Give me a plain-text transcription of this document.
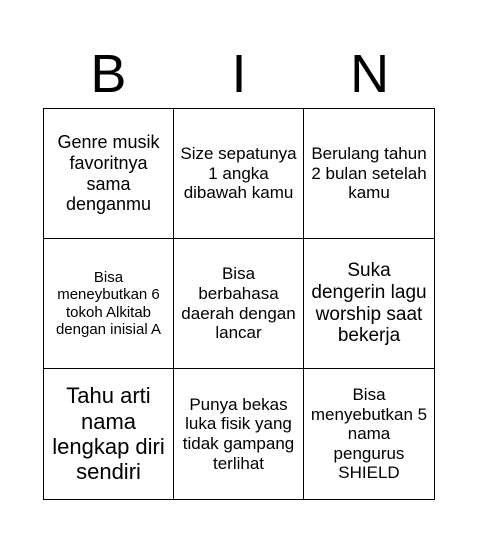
B	I	N
Genre musik favoritnya sama denganmu
Size sepatunya 1 angka dibawah kamu
Berulang tahun 2 bulan setelah kamu
Bisa meneybutkan 6 tokoh Alkitab dengan inisial A
Bisa berbahasa daerah dengan lancar
Suka dengerin lagu worship saat bekerja
Tahu arti nama lengkap diri sendiri
Punya bekas luka fisik yang tidak gampang terlihat
Bisa menyebutkan 5 nama pengurus SHIELD
